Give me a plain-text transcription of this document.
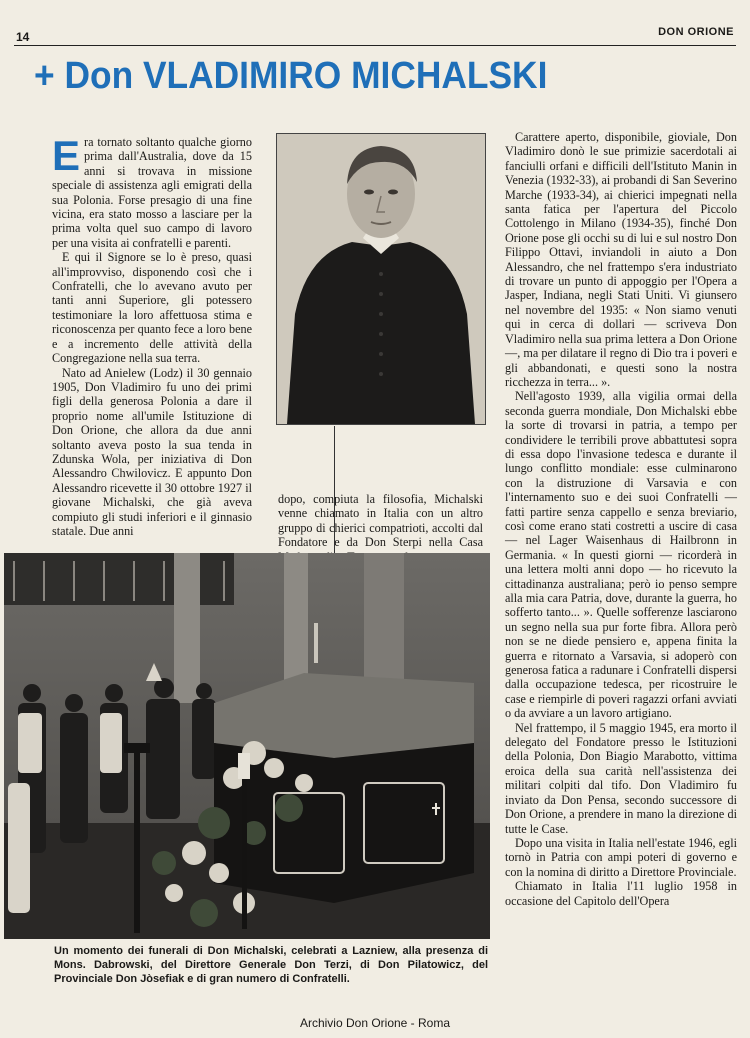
14	DON ORIONE
+ Don VLADIMIRO MICHALSKI

Era tornato soltanto qualche giorno prima dall'Australia, dove da 15 anni si trovava in missione speciale di assistenza agli emigrati della sua Polonia. Forse presagio di una fine vicina, era stato mosso a lasciare per la prima volta quel suo campo di lavoro per una visita ai confratelli e parenti.

E qui il Signore se lo è preso, quasi all'improvviso, disponendo così che i Confratelli, che lo avevano avuto per tanti anni Superiore, gli potessero testimoniare la loro affettuosa stima e riconoscenza per quanto fece a loro bene e a incremento delle attività della Congregazione nella sua terra.

Nato ad Anielew (Lodz) il 30 gennaio 1905, Don Vladimiro fu uno dei primi figli della generosa Polonia a dare il proprio nome all'umile Istituzione di Don Orione, che allora da due anni soltanto aveva posto la sua tenda in Zdunska Wola, per iniziativa di Don Alessandro Chwilovicz. E appunto Don Alessandro ricevette il 30 ottobre 1927 il giovane Michalski, che già aveva compiuto gli studi inferiori e il ginnasio statale. Due anni

dopo, compiuta la filosofia, Michalski venne chiamato in Italia con un altro gruppo di chierici compatrioti, accolti dal Fondatore e da Don Sterpi nella Casa

Carattere aperto, disponibile, gioviale, Don Vladimiro donò le sue primizie sacerdotali ai fanciulli orfani e difficili dell'Istituto Manin in Venezia (1932-33), ai probandi di San Severino Marche (1933-34), ai chierici impegnati nella santa fatica per l'apertura del Piccolo Cottolengo in Milano (1934-35), finché Don Orione pose gli occhi su di lui e sul nostro Don Filippo Ottavi, inviandoli in aiuto a Don Alessandro, che nel frattempo s'era industriato di trovare un punto di appoggio per l'Opera a Jasper, Indiana, negli Stati Uniti. Vi giunsero nel novembre del 1935: « Non siamo venuti qui in cerca di dollari — scriveva Don Vladimiro nella sua prima lettera a Don Orione —, ma per dilatare il regno di Dio tra i poveri e gli abbandonati, e questi sono la nostra ricchezza in terra... ».

Nell'agosto 1939, alla vigilia ormai della seconda guerra mondiale, Don Michalski ebbe la sorte di trovarsi in patria, a tempo per condividere le terribili prove abbattutesi sopra di essa dopo l'invasione tedesca e durante il lungo conflitto mondiale: esse culminarono con la distruzione di Varsavia e con l'internamento suo e dei suoi Confratelli — fatti partire senza cappello e senza breviario, così come erano stati costretti a uscire di casa — nel Lager Waisenhaus di Hailbronn in Germania. « In questi giorni — ricorderà in una lettera molti anni dopo — ho ricevuto la cittadinanza australiana; però io penso sempre alla mia cara Patria, dove, durante la guerra, ho sofferto tanto... ». Quelle sofferenze lasciarono un segno nella sua pur forte fibra. Allora però non se ne diede pensiero e, appena finita la guerra e ritornato a Varsavia, si adoperò con generosa fatica a radunare i Confratelli dispersi dalla occupazione tedesca, per ricostruire le case e riempirle di poveri ragazzi orfani avviati o da avviare a un lavoro artigiano.

Nel frattempo, il 5 maggio 1945, era morto il delegato del Fondatore presso le Istituzioni della Polonia, Don Biagio Marabotto, vittima eroica della sua carità nell'assistenza dei militari colpiti dal tifo. Don Vladimiro fu inviato da Don Pensa, secondo successore di Don Orione, a prendere in mano la direzione di tutte le Case.

Dopo una visita in Italia nell'estate 1946, egli tornò in Patria con ampi poteri di governo e con la nomina di diritto a Direttore Provinciale.

Chiamato in Italia l'11 luglio 1958 in occasione del Capitolo dell'Opera

Un momento dei funerali di Don Michalski, celebrati a Lazniew, alla presenza di Mons. Dabrowski, del Direttore Generale Don Terzi, di Don Pilatowicz, del Provinciale Don Jòsefiak e di gran numero di Confratelli.
Archivio Don Orione - Roma
